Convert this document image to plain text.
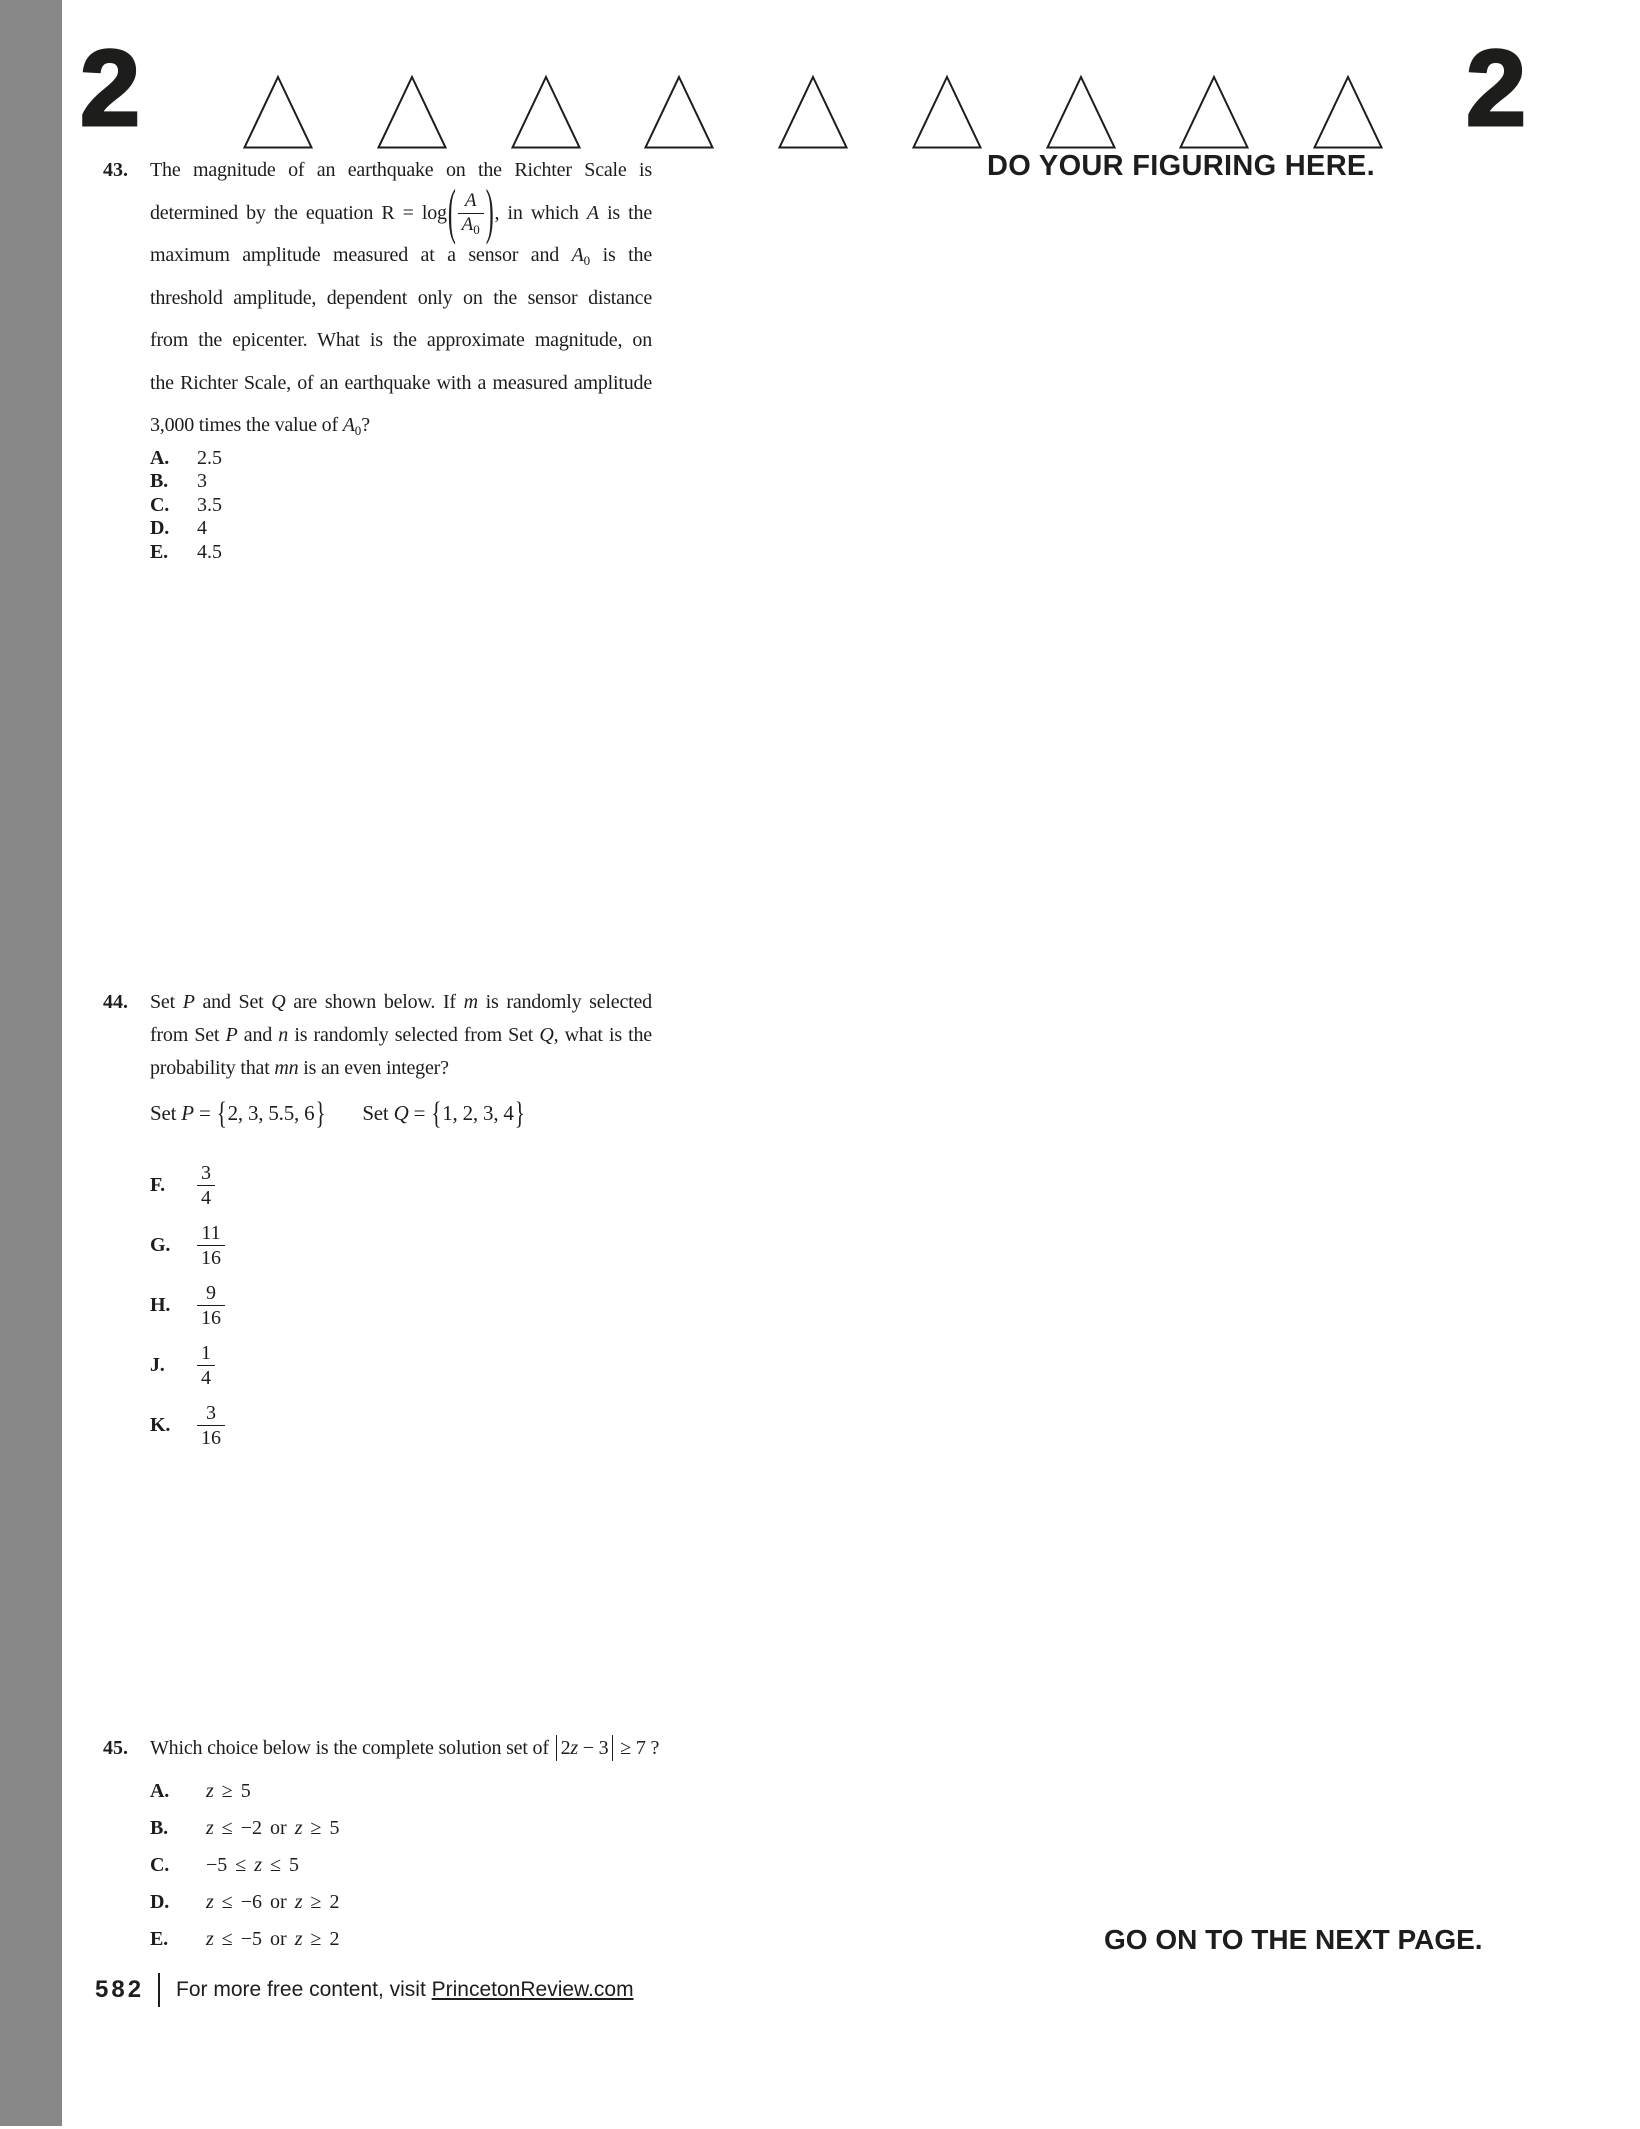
2	2
DO YOUR FIGURING HERE.
43. The magnitude of an earthquake on the Richter Scale is
determined by the equation $R = \log( \frac{A}{A_0}$ ), in which A is the
maximum amplitude measured at a sensor and $A_0$ is the
threshold amplitude, dependent only on the sensor distance
from the epicenter. What is the approximate magnitude, on
the Richter Scale, of an earthquake with a measured amplitude
3,000 times the value of $A_0$?
A.	2.5
B.	3
C.	3.5
D.	4
E.	4.5
44. Set P and Set Q are shown below. If m is randomly selected
from Set P and n is randomly selected from Set Q, what is the
probability that mn is an even integer?
Set P = {2, 3, 5.5, 6} Set Q = {1, 2, 3, 4}
F.	$\frac{3}{4}$
G.	$\frac{11}{16}$
H.	$\frac{9}{16}$
J.	$\frac{1}{4}$
K.	$\frac{3}{16}$
45. Which choice below is the complete solution set of 2z − 3 ≥ 7 ?
A.	z ≥ 5
B.	z ≤ −2 or z ≥ 5
C.	−5 ≤ z ≤ 5
D.	z ≤ −6 or z ≥ 2
E.	z ≤ −5 or z ≥ 2	GO ON TO THE NEXT PAGE.
582 For more free content, visit PrincetonReview.com
